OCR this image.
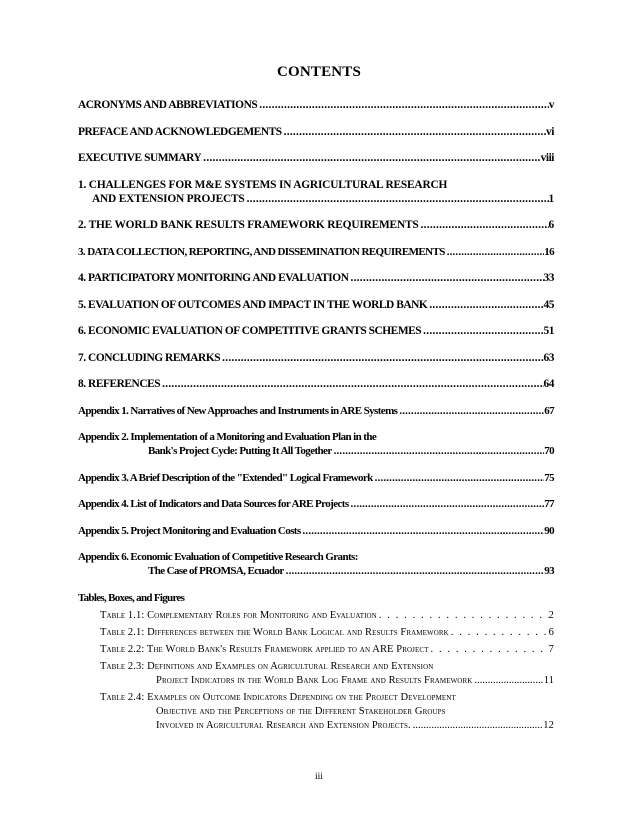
CONTENTS
ACRONYMS AND ABBREVIATIONS . . .	v
PREFACE AND ACKNOWLEDGEMENTS . . .	vi
EXECUTIVE SUMMARY . . .	viii
1. CHALLENGES FOR M&E SYSTEMS IN AGRICULTURAL RESEARCH
AND EXTENSION PROJECTS . . .	1
2. THE WORLD BANK RESULTS FRAMEWORK REQUIREMENTS . . .	6
3. DATA COLLECTION, REPORTING, AND DISSEMINATION REQUIREMENTS . . .	16
4. PARTICIPATORY MONITORING AND EVALUATION . . .	33
5. EVALUATION OF OUTCOMES AND IMPACT IN THE WORLD BANK . . .	45
6. ECONOMIC EVALUATION OF COMPETITIVE GRANTS SCHEMES . . .	51
7. CONCLUDING REMARKS . . .	63
8. REFERENCES . . .	64
Appendix 1. Narratives of New Approaches and Instruments in ARE Systems . . .	67
Appendix 2. Implementation of a Monitoring and Evaluation Plan in the
Bank's Project Cycle: Putting It All Together . . .	70
Appendix 3. A Brief Description of the "Extended" Logical Framework . . .	75
Appendix 4. List of Indicators and Data Sources for ARE Projects . . .	77
Appendix 5. Project Monitoring and Evaluation Costs . . .	90
Appendix 6. Economic Evaluation of Competitive Research Grants:
The Case of PROMSA, Ecuador . . .	93
Tables, Boxes, and Figures
Table 1.1: Complementary Roles for Monitoring and Evaluation . . .	2
Table 2.1: Differences between the World Bank Logical and Results Framework . . .	6
Table 2.2: The World Bank's Results Framework applied to an ARE Project . . .	7
Table 2.3: Definitions and Examples on Agricultural Research and Extension
Project Indicators in the World Bank Log Frame and Results Framework . . .	11
Table 2.4: Examples on Outcome Indicators Depending on the Project Development
Objective and the Perceptions of the Different Stakeholder Groups
Involved in Agricultural Research and Extension Projects. . . .	12
iii
